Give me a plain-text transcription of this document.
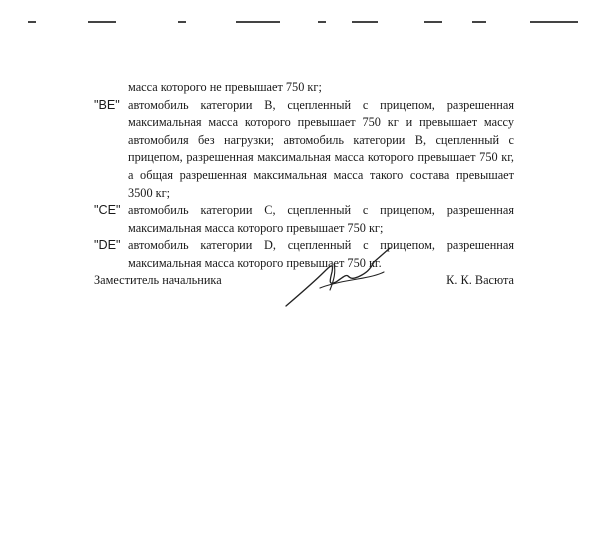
масса которого не превышает 750 кг;
"BE" автомобиль категории B, сцепленный с прицепом, разрешенная максимальная масса которого превышает 750 кг и превышает массу автомобиля без нагрузки; автомобиль категории B, сцепленный с прицепом, разрешенная максимальная масса которого превышает 750 кг, а общая разрешенная максимальная масса такого состава превышает 3500 кг;
"CE" автомобиль категории C, сцепленный с прицепом, разрешенная максимальная масса которого превышает 750 кг;
"DE" автомобиль категории D, сцепленный с прицепом, разрешенная максимальная масса которого превышает 750 кг.
Заместитель начальника	К. К. Васюта
